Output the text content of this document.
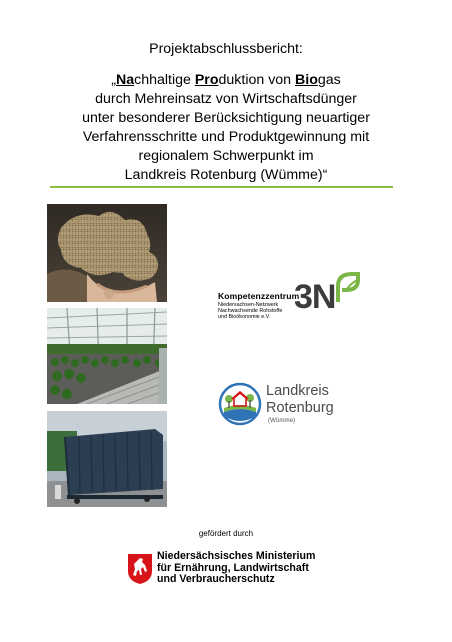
Projektabschlussbericht:
„Nachhaltige Produktion von Biogas
durch Mehreinsatz von Wirtschaftsdünger
unter besonderer Berücksichtigung neuartiger
Verfahrensschritte und Produktgewinnung mit
regionalem Schwerpunkt im
Landkreis Rotenburg (Wümme)“
Kompetenzzentrum
Niedersachsen-Netzwerk
Nachwachsende Rohstoffe
und Bioökonomie e.V.
3N
Landkreis
Rotenburg
(Wümme)
gefördert durch
Niedersächsisches Ministerium
für Ernährung, Landwirtschaft
und Verbraucherschutz
